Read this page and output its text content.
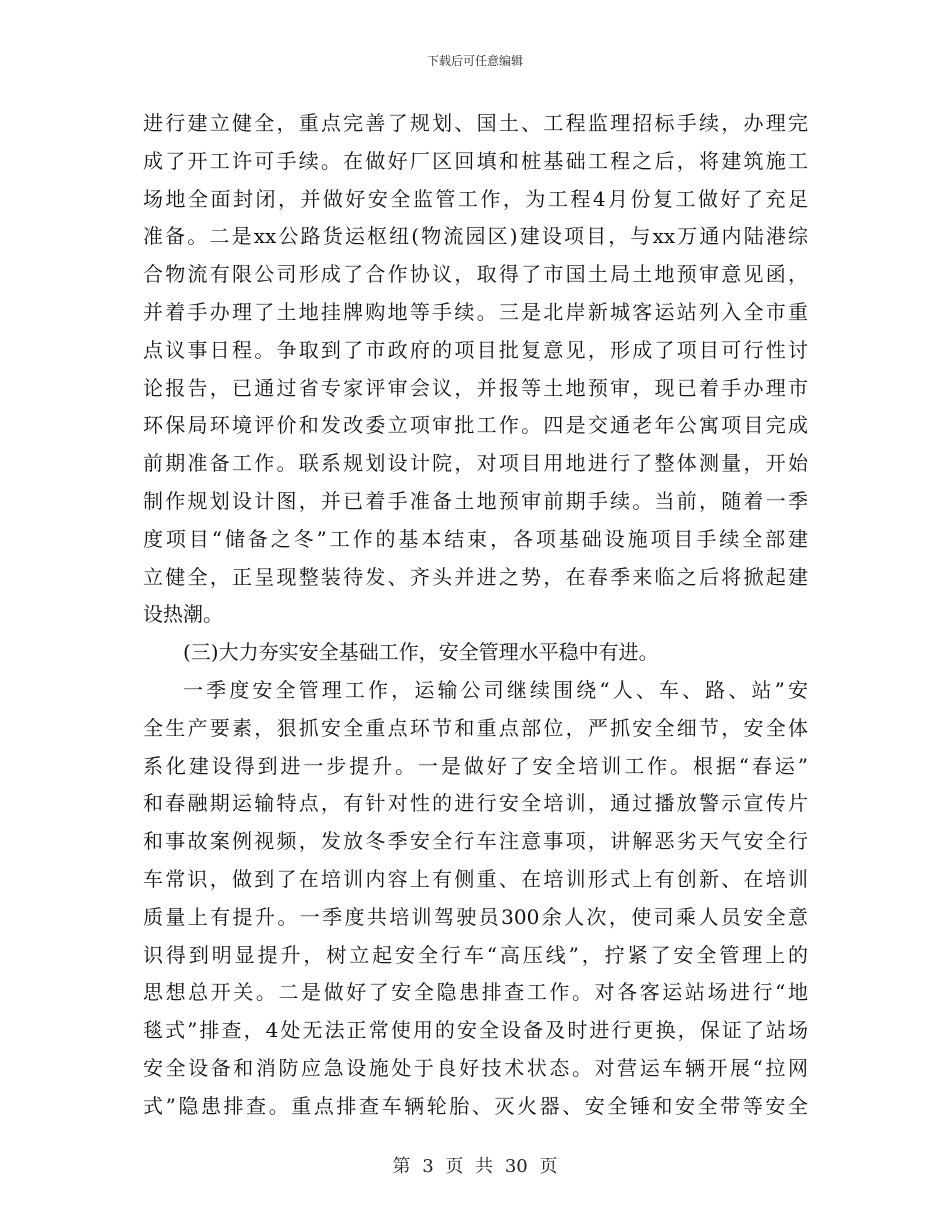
下载后可任意编辑
进行建立健全，重点完善了规划、国土、工程监理招标手续，办理完
成了开工许可手续。在做好厂区回填和桩基础工程之后，将建筑施工
场地全面封闭，并做好安全监管工作，为工程4月份复工做好了充足
准备。二是xx公路货运枢纽(物流园区)建设项目，与xx万通内陆港综
合物流有限公司形成了合作协议，取得了市国土局土地预审意见函，
并着手办理了土地挂牌购地等手续。三是北岸新城客运站列入全市重
点议事日程。争取到了市政府的项目批复意见，形成了项目可行性讨
论报告，已通过省专家评审会议，并报等土地预审，现已着手办理市
环保局环境评价和发改委立项审批工作。四是交通老年公寓项目完成
前期准备工作。联系规划设计院，对项目用地进行了整体测量，开始
制作规划设计图，并已着手准备土地预审前期手续。当前，随着一季
度项目“储备之冬”工作的基本结束，各项基础设施项目手续全部建
立健全，正呈现整装待发、齐头并进之势，在春季来临之后将掀起建
设热潮。
(三)大力夯实安全基础工作，安全管理水平稳中有进。
一季度安全管理工作，运输公司继续围绕“人、车、路、站”安
全生产要素，狠抓安全重点环节和重点部位，严抓安全细节，安全体
系化建设得到进一步提升。一是做好了安全培训工作。根据“春运”
和春融期运输特点，有针对性的进行安全培训，通过播放警示宣传片
和事故案例视频，发放冬季安全行车注意事项，讲解恶劣天气安全行
车常识，做到了在培训内容上有侧重、在培训形式上有创新、在培训
质量上有提升。一季度共培训驾驶员300余人次，使司乘人员安全意
识得到明显提升，树立起安全行车“高压线”，拧紧了安全管理上的
思想总开关。二是做好了安全隐患排查工作。对各客运站场进行“地
毯式”排查，4处无法正常使用的安全设备及时进行更换，保证了站场
安全设备和消防应急设施处于良好技术状态。对营运车辆开展“拉网
式”隐患排查。重点排查车辆轮胎、灭火器、安全锤和安全带等安全
第 3 页 共 30 页
